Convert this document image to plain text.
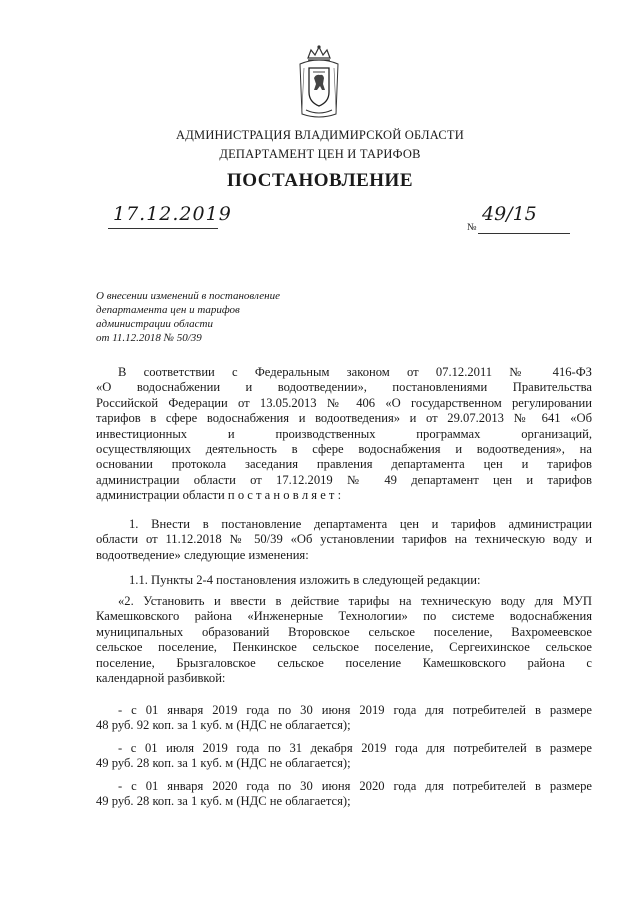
АДМИНИСТРАЦИЯ ВЛАДИМИРСКОЙ ОБЛАСТИ
ДЕПАРТАМЕНТ ЦЕН И ТАРИФОВ
ПОСТАНОВЛЕНИЕ
17.12.2019
№
49/15
О внесении изменений в постановление
департамента цен и тарифов
администрации области
от 11.12.2018 № 50/39
В соответствии с Федеральным законом от 07.12.2011 № 416-ФЗ
«О водоснабжении и водоотведении», постановлениями Правительства
Российской Федерации от 13.05.2013 № 406 «О государственном регулировании
тарифов в сфере водоснабжения и водоотведения» и от 29.07.2013 № 641 «Об
инвестиционных и производственных программах организаций,
осуществляющих деятельность в сфере водоснабжения и водоотведения», на
основании протокола заседания правления департамента цен и тарифов
администрации области от 17.12.2019 № 49 департамент цен и тарифов
администрации области п о с т а н о в л я е т :
1. Внести в постановление департамента цен и тарифов администрации
области от 11.12.2018 № 50/39 «Об установлении тарифов на техническую воду и
водоотведение» следующие изменения:
1.1. Пункты 2-4 постановления изложить в следующей редакции:
«2. Установить и ввести в действие тарифы на техническую воду для МУП
Камешковского района «Инженерные Технологии» по системе водоснабжения
муниципальных образований Второвское сельское поселение, Вахромеевское
сельское поселение, Пенкинское сельское поселение, Сергеихинское сельское
поселение, Брызгаловское сельское поселение Камешковского района с
календарной разбивкой:
- с 01 января 2019 года по 30 июня 2019 года для потребителей в размере
48 руб. 92 коп. за 1 куб. м (НДС не облагается);
- с 01 июля 2019 года по 31 декабря 2019 года для потребителей в размере
49 руб. 28 коп. за 1 куб. м (НДС не облагается);
- с 01 января 2020 года по 30 июня 2020 года для потребителей в размере
49 руб. 28 коп. за 1 куб. м (НДС не облагается);
